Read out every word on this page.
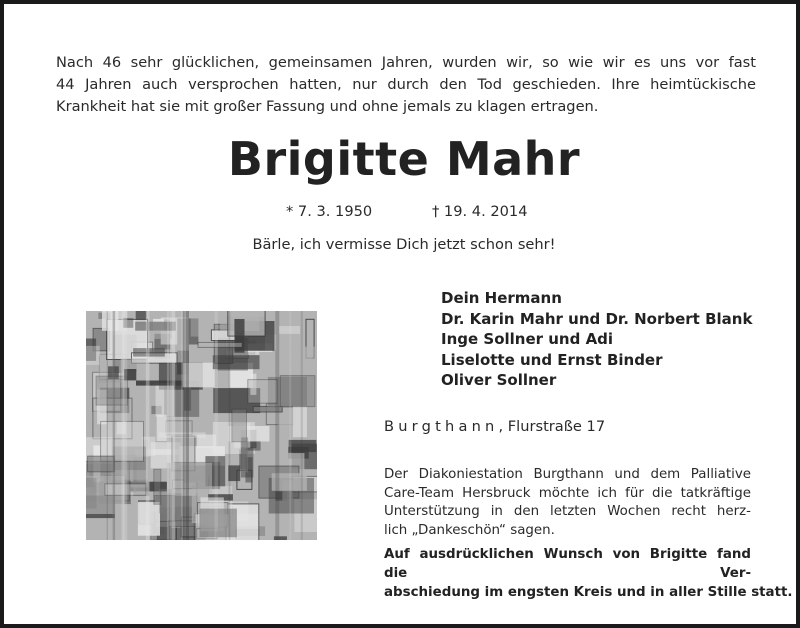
Nach 46 sehr glücklichen, gemeinsamen Jahren, wurden wir, so wie wir es uns vor fast
44 Jahren auch versprochen hatten, nur durch den Tod geschieden. Ihre heimtückische
Krankheit hat sie mit großer Fassung und ohne jemals zu klagen ertragen.
Brigitte Mahr
* 7. 3. 1950	† 19. 4. 2014
Bärle, ich vermisse Dich jetzt schon sehr!
Dein Hermann
Dr. Karin Mahr und Dr. Norbert Blank
Inge Sollner und Adi
Liselotte und Ernst Binder
Oliver Sollner
Burgthann, Flurstraße 17
Der Diakoniestation Burgthann und dem Palliative
Care-Team Hersbruck möchte ich für die tatkräftige
Unterstützung in den letzten Wochen recht herz-
lich „Dankeschön“ sagen.
Auf ausdrücklichen Wunsch von Brigitte fand die Ver-
abschiedung im engsten Kreis und in aller Stille statt.
